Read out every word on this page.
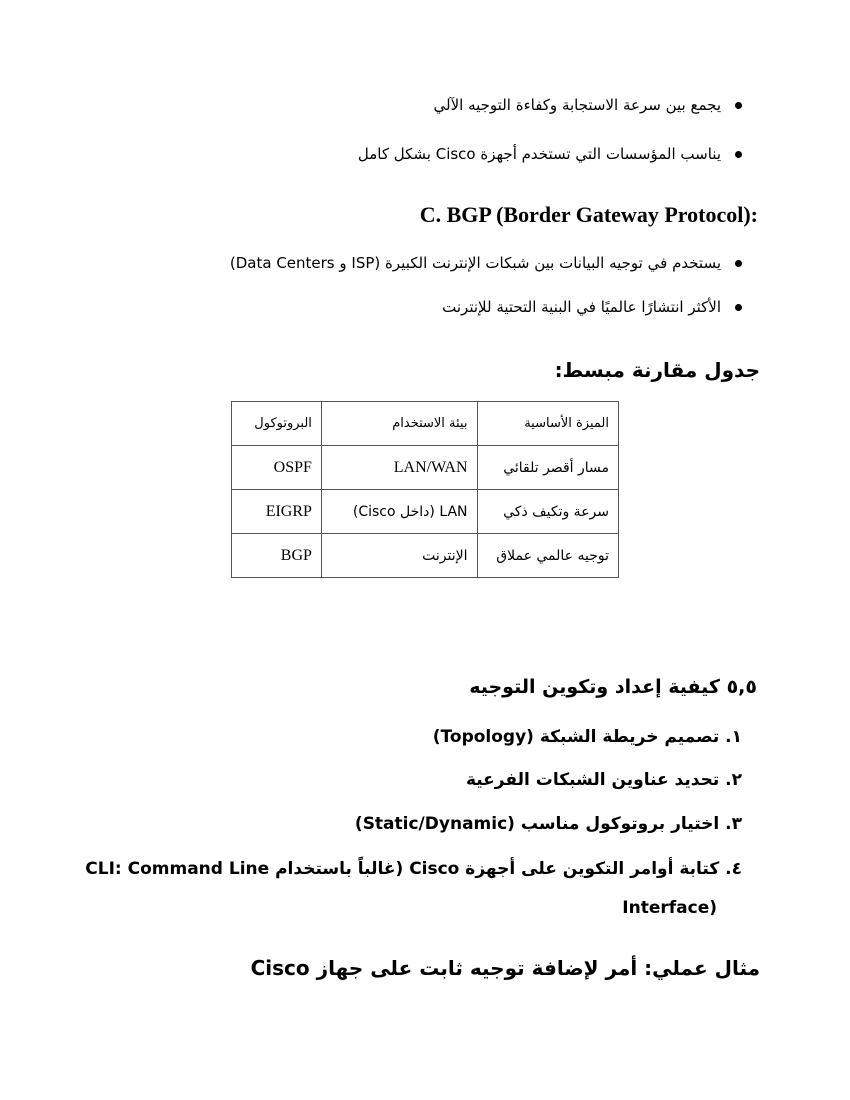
يجمع بين سرعة الاستجابة وكفاءة التوجيه الآلي
يناسب المؤسسات التي تستخدم أجهزة Cisco بشكل كامل
C. BGP (Border Gateway Protocol):
يستخدم في توجيه البيانات بين شبكات الإنترنت الكبيرة (ISP و Data Centers)
الأكثر انتشارًا عالميًا في البنية التحتية للإنترنت
جدول مقارنة مبسط:
الميزة الأساسية	بيئة الاستخدام	البروتوكول
مسار أقصر تلقائي	LAN/WAN	OSPF
سرعة وتكيف ذكي	LAN (داخل Cisco)	EIGRP
توجيه عالمي عملاق	الإنترنت	BGP
٥,٥ كيفية إعداد وتكوين التوجيه
١. تصميم خريطة الشبكة (Topology)
٢. تحديد عناوين الشبكات الفرعية
٣. اختيار بروتوكول مناسب (Static/Dynamic)
٤. كتابة أوامر التكوين على أجهزة Cisco (غالباً باستخدام CLI: Command Line
Interface)
مثال عملي: أمر لإضافة توجيه ثابت على جهاز Cisco
